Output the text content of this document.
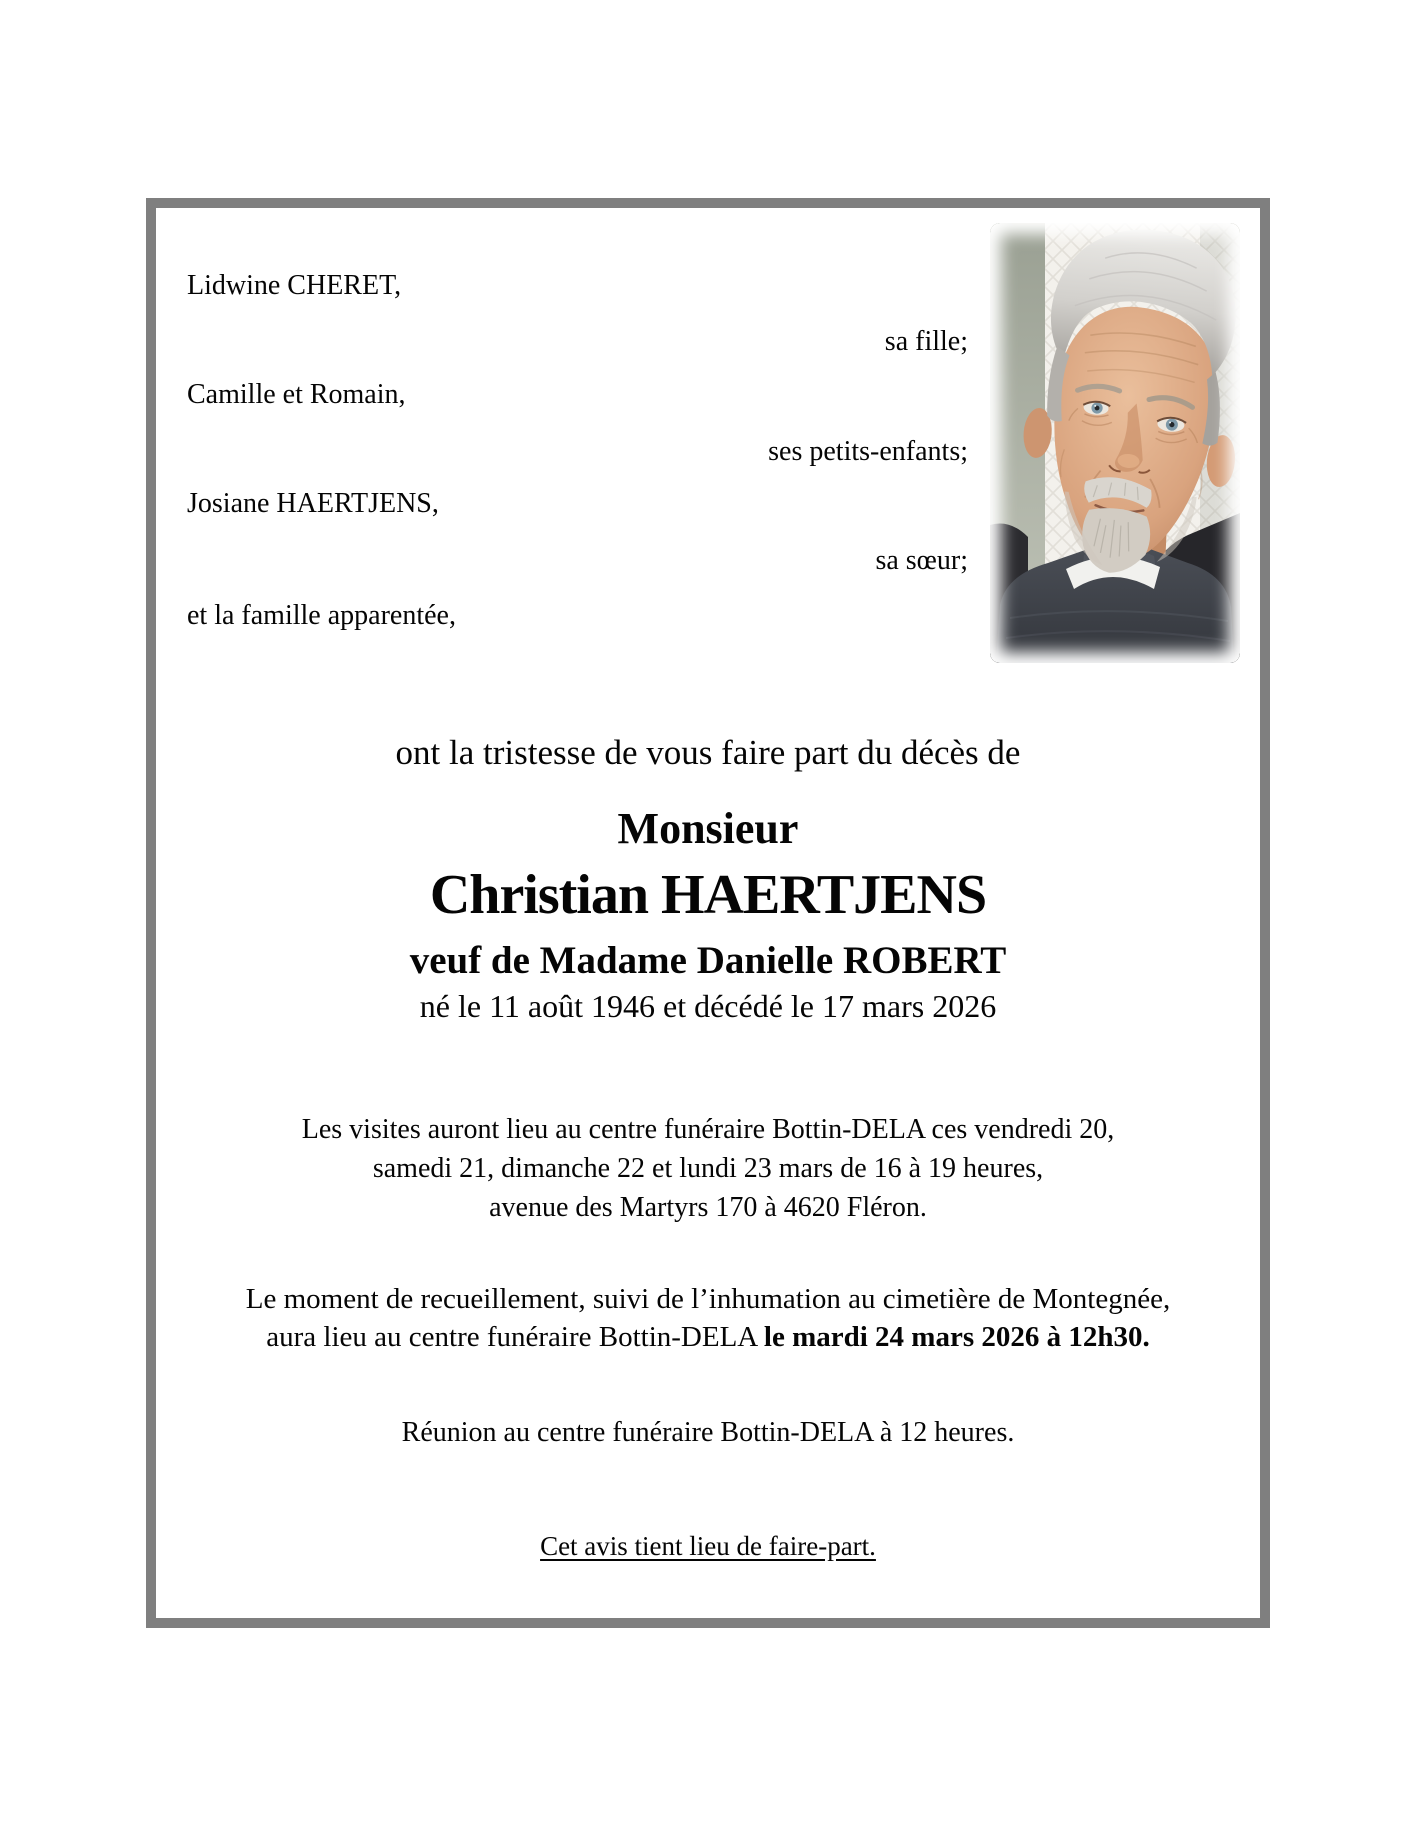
Lidwine CHERET,
sa fille;
Camille et Romain,
ses petits-enfants;
Josiane HAERTJENS,
sa sœur;
et la famille apparentée,
ont la tristesse de vous faire part du décès de
Monsieur
Christian HAERTJENS
veuf de Madame Danielle ROBERT
né le 11 août 1946 et décédé le 17 mars 2026
Les visites auront lieu au centre funéraire Bottin-DELA ces vendredi 20,
samedi 21, dimanche 22 et lundi 23 mars de 16 à 19 heures,
avenue des Martyrs 170 à 4620 Fléron.
Le moment de recueillement, suivi de l’inhumation au cimetière de Montegnée,
aura lieu au centre funéraire Bottin-DELA le mardi 24 mars 2026 à 12h30.
Réunion au centre funéraire Bottin-DELA à 12 heures.
Cet avis tient lieu de faire-part.
